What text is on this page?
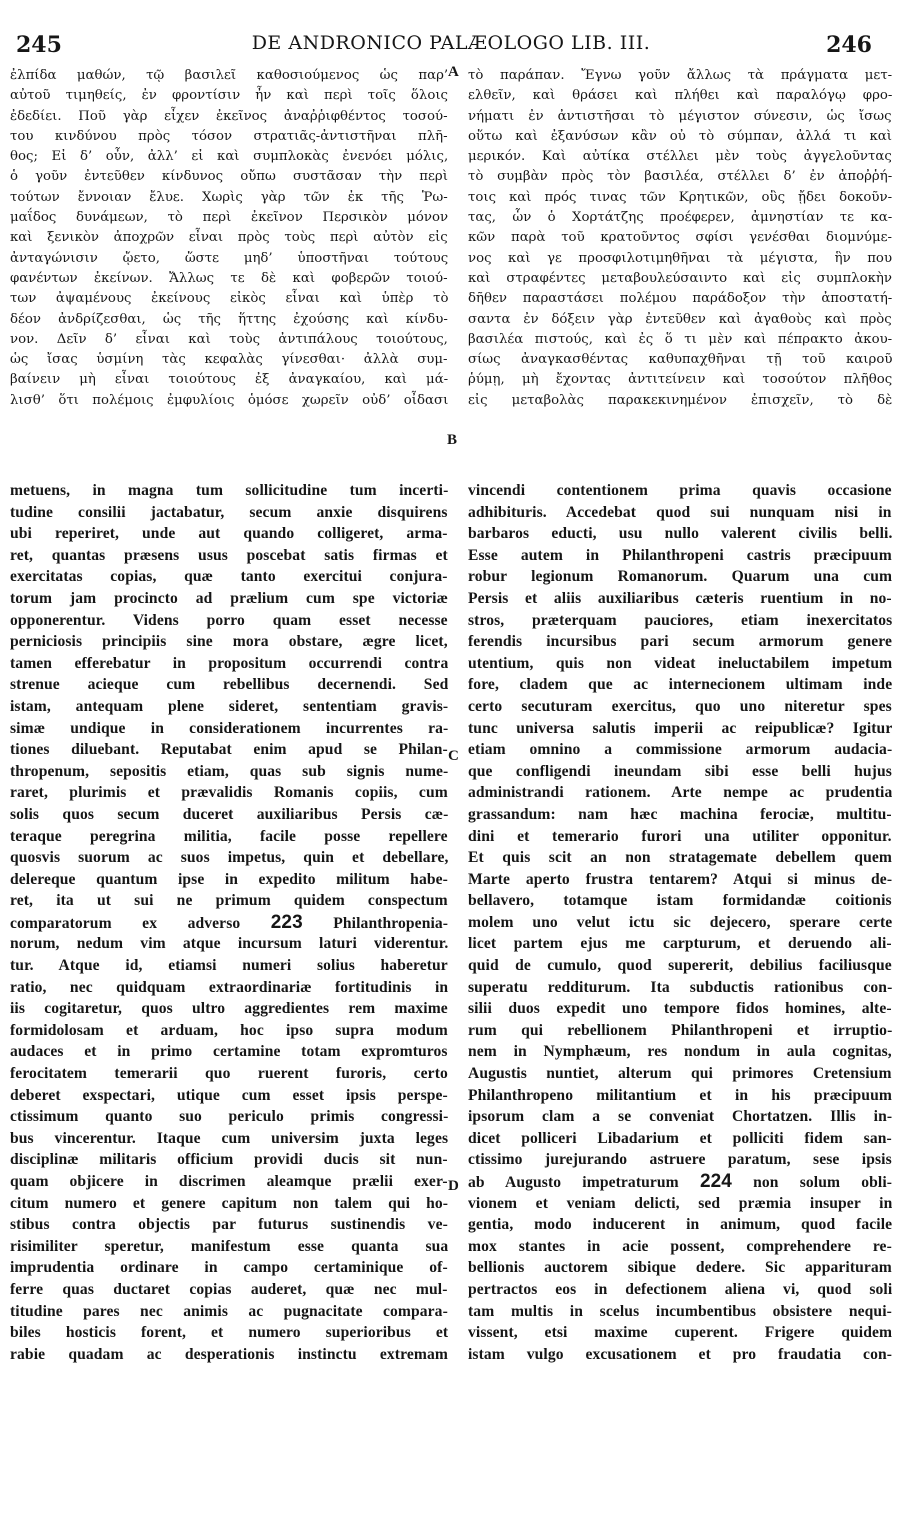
245	DE ANDRONICO PALÆOLOGO LIB. III.	246
A
B
C
D
ἐλπίδα μαθών, τῷ βασιλεῖ καθοσιούμενος ὡς παρ’
αὐτοῦ τιμηθείς, ἐν φροντίσιν ἦν καὶ περὶ τοῖς ὅλοις
ἐδεδίει. Ποῦ γὰρ εἶχεν ἐκεῖνος ἀναῤῥιφθέντος τοσού-
του κινδύνου πρὸς τόσον στρατιᾶς-ἀντιστῆναι πλῆ-
θος; Εἰ δ’ οὖν, ἀλλ’ εἰ καὶ συμπλοκὰς ἐνενόει μόλις,
ὁ γοῦν ἐντεῦθεν κίνδυνος οὔπω συστᾶσαν τὴν περὶ
τούτων ἔννοιαν ἔλυε. Χωρὶς γὰρ τῶν ἐκ τῆς Ῥω-
μαΐδος δυνάμεων, τὸ περὶ ἐκεῖνον Περσικὸν μόνον
καὶ ξενικὸν ἀποχρῶν εἶναι πρὸς τοὺς περὶ αὐτὸν εἰς
ἀνταγώνισιν ᾤετο, ὥστε μηδ’ ὑποστῆναι τούτους
φανέντων ἐκείνων. Ἄλλως τε δὲ καὶ φοβερῶν τοιού-
των ἀψαμένους ἐκείνους εἰκὸς εἶναι καὶ ὑπὲρ τὸ
δέον ἀνδρίζεσθαι, ὡς τῆς ἥττης ἐχούσης καὶ κίνδυ-
νον. Δεῖν δ’ εἶναι καὶ τοὺς ἀντιπάλους τοιούτους,
ὡς ἴσας ὑσμίνη τὰς κεφαλὰς γίνεσθαι· ἀλλὰ συμ-
βαίνειν μὴ εἶναι τοιούτους ἐξ ἀναγκαίου, καὶ μά-
λισθ’ ὅτι πολέμοις ἐμφυλίοις ὁμόσε χωρεῖν οὐδ’ οἶδασι
τὸ παράπαν. Ἔγνω γοῦν ἄλλως τὰ πράγματα μετ-
ελθεῖν, καὶ θράσει καὶ πλήθει καὶ παραλόγῳ φρο-
νήματι ἐν ἀντιστῆσαι τὸ μέγιστον σύνεσιν, ὡς ἴσως
οὕτω καὶ ἐξανύσων κἂν οὐ τὸ σύμπαν, ἀλλά τι καὶ
μερικόν. Καὶ αὐτίκα στέλλει μὲν τοὺς ἀγγελοῦντας
τὸ συμβὰν πρὸς τὸν βασιλέα, στέλλει δ’ ἐν ἀποῤῥή-
τοις καὶ πρός τινας τῶν Κρητικῶν, οὓς ᾔδει δοκοῦν-
τας, ὧν ὁ Χορτάτζης προέφερεν, ἀμνηστίαν τε κα-
κῶν παρὰ τοῦ κρατοῦντος σφίσι γενέσθαι διομνύμε-
νος καὶ γε προσφιλοτιμηθῆναι τὰ μέγιστα, ἣν που
καὶ στραφέντες μεταβουλεύσαιντο καὶ εἰς συμπλοκὴν
δῆθεν παραστάσει πολέμου παράδοξον τὴν ἀποστατή-
σαντα ἐν δόξειν γὰρ ἐντεῦθεν καὶ ἀγαθοὺς καὶ πρὸς
βασιλέα πιστούς, καὶ ἐς ὅ τι μὲν καὶ πέπρακτο ἀκου-
σίως ἀναγκασθέντας καθυπαχθῆναι τῇ τοῦ καιροῦ
ῥύμῃ, μὴ ἔχοντας ἀντιτείνειν καὶ τοσούτον πλῆθος
εἰς μεταβολὰς παρακεκινημένον ἐπισχεῖν, τὸ δὲ
metuens, in magna tum sollicitudine tum incerti-
tudine consilii jactabatur, secum anxie disquirens
ubi reperiret, unde aut quando colligeret, arma-
ret, quantas præsens usus poscebat satis firmas et
exercitatas copias, quæ tanto exercitui conjura-
torum jam procincto ad prælium cum spe victoriæ
opponerentur. Videns porro quam esset necesse
perniciosis principiis sine mora obstare, ægre licet,
tamen efferebatur in propositum occurrendi contra
strenue acieque cum rebellibus decernendi. Sed
istam, antequam plene sideret, sententiam gravis-
simæ undique in considerationem incurrentes ra-
tiones diluebant. Reputabat enim apud se Philan-
thropenum, sepositis etiam, quas sub signis nume-
raret, plurimis et prævalidis Romanis copiis, cum
solis quos secum duceret auxiliaribus Persis cæ-
teraque peregrina militia, facile posse repellere
quosvis suorum ac suos impetus, quin et debellare,
delereque quantum ipse in expedito militum habe-
ret, ita ut sui ne primum quidem conspectum
comparatorum ex adverso 223 Philanthropenia-
norum, nedum vim atque incursum laturi viderentur.
tur. Atque id, etiamsi numeri solius haberetur
ratio, nec quidquam extraordinariæ fortitudinis in
iis cogitaretur, quos ultro aggredientes rem maxime
formidolosam et arduam, hoc ipso supra modum
audaces et in primo certamine totam expromturos
ferocitatem temerarii quo ruerent furoris, certo
deberet exspectari, utique cum esset ipsis perspe-
ctissimum quanto suo periculo primis congressi-
bus vincerentur. Itaque cum universim juxta leges
disciplinæ militaris officium providi ducis sit nun-
quam objicere in discrimen aleamque prælii exer-
citum numero et genere capitum non talem qui ho-
stibus contra objectis par futurus sustinendis ve-
risimiliter speretur, manifestum esse quanta sua
imprudentia ordinare in campo certaminique of-
ferre quas ductaret copias auderet, quæ nec mul-
titudine pares nec animis ac pugnacitate compara-
biles hosticis forent, et numero superioribus et
rabie quadam ac desperationis instinctu extremam
vincendi contentionem prima quavis occasione
adhibituris. Accedebat quod sui nunquam nisi in
barbaros educti, usu nullo valerent civilis belli.
Esse autem in Philanthropeni castris præcipuum
robur legionum Romanorum. Quarum una cum
Persis et aliis auxiliaribus cæteris ruentium in no-
stros, præterquam pauciores, etiam inexercitatos
ferendis incursibus pari secum armorum genere
utentium, quis non videat ineluctabilem impetum
fore, cladem que ac internecionem ultimam inde
certo secuturam exercitus, quo uno niteretur spes
tunc universa salutis imperii ac reipublicæ? Igitur
etiam omnino a commissione armorum audacia-
que confligendi ineundam sibi esse belli hujus
administrandi rationem. Arte nempe ac prudentia
grassandum: nam hæc machina ferociæ, multitu-
dini et temerario furori una utiliter opponitur.
Et quis scit an non stratagemate debellem quem
Marte aperto frustra tentarem? Atqui si minus de-
bellavero, totamque istam formidandæ coitionis
molem uno velut ictu sic dejecero, sperare certe
licet partem ejus me carpturum, et deruendo ali-
quid de cumulo, quod supererit, debilius faciliusque
superatu redditurum. Ita subductis rationibus con-
silii duos expedit uno tempore fidos homines, alte-
rum qui rebellionem Philanthropeni et irruptio-
nem in Nymphæum, res nondum in aula cognitas,
Augustis nuntiet, alterum qui primores Cretensium
Philanthropeno militantium et in his præcipuum
ipsorum clam a se conveniat Chortatzen. Illis in-
dicet polliceri Libadarium et polliciti fidem san-
ctissimo jurejurando astruere paratum, sese ipsis
ab Augusto impetraturum 224 non solum obli-
vionem et veniam delicti, sed præmia insuper in
gentia, modo inducerent in animum, quod facile
mox stantes in acie possent, comprehendere re-
bellionis auctorem sibique dedere. Sic apparituram
pertractos eos in defectionem aliena vi, quod soli
tam multis in scelus incumbentibus obsistere nequi-
vissent, etsi maxime cuperent. Frigere quidem
istam vulgo excusationem et pro fraudatia con-
